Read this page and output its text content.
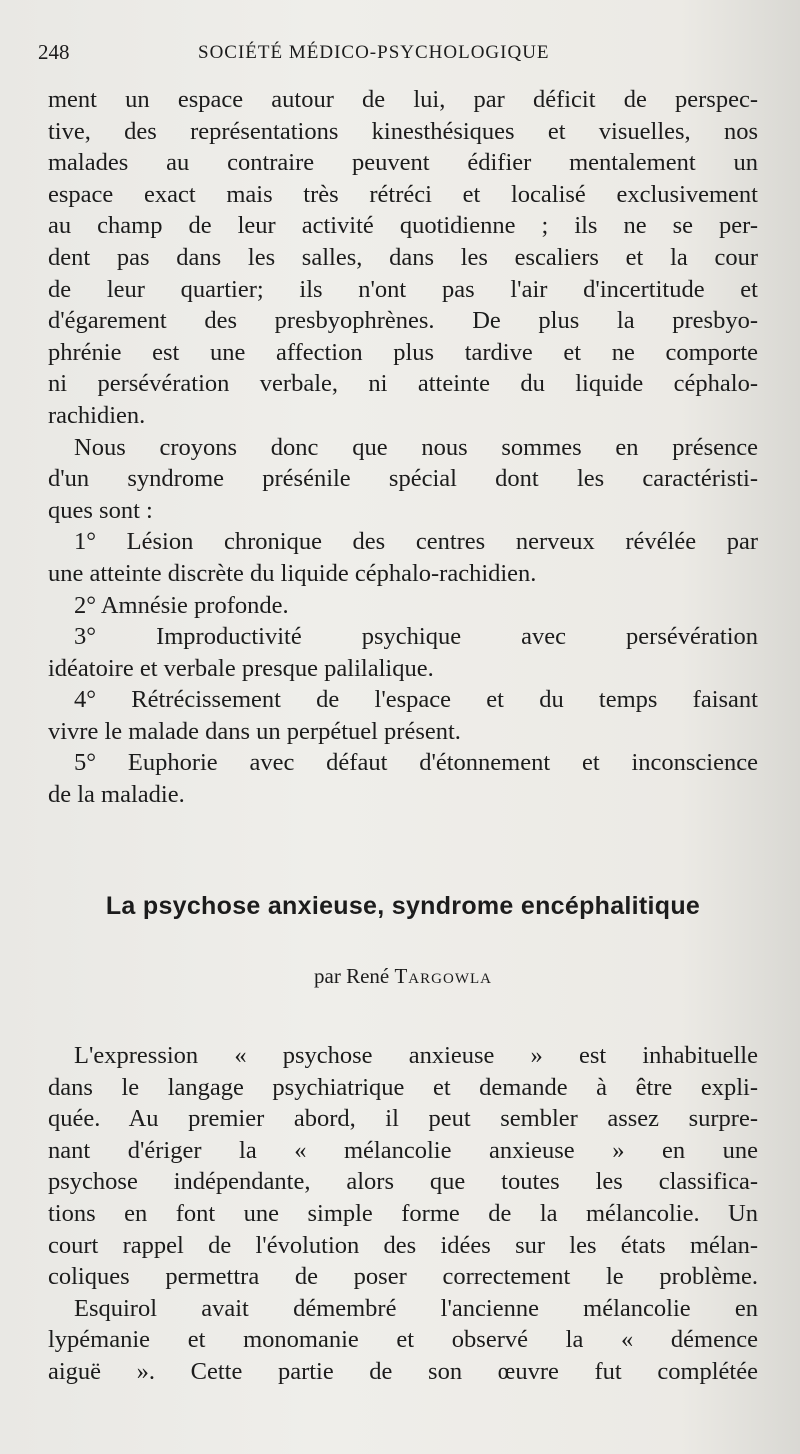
248	SOCIÉTÉ MÉDICO-PSYCHOLOGIQUE
ment un espace autour de lui, par déficit de perspec-
tive, des représentations kinesthésiques et visuelles, nos
malades au contraire peuvent édifier mentalement un
espace exact mais très rétréci et localisé exclusivement
au champ de leur activité quotidienne ; ils ne se per-
dent pas dans les salles, dans les escaliers et la cour
de leur quartier; ils n'ont pas l'air d'incertitude et
d'égarement des presbyophrènes. De plus la presbyo-
phrénie est une affection plus tardive et ne comporte
ni persévération verbale, ni atteinte du liquide céphalo-
rachidien.
Nous croyons donc que nous sommes en présence
d'un syndrome présénile spécial dont les caractéristi-
ques sont :
1° Lésion chronique des centres nerveux révélée par
une atteinte discrète du liquide céphalo-rachidien.
2° Amnésie profonde.
3° Improductivité psychique avec persévération
idéatoire et verbale presque palilalique.
4° Rétrécissement de l'espace et du temps faisant
vivre le malade dans un perpétuel présent.
5° Euphorie avec défaut d'étonnement et inconscience
de la maladie.
La psychose anxieuse, syndrome encéphalitique
par René Targowla
L'expression « psychose anxieuse » est inhabituelle
dans le langage psychiatrique et demande à être expli-
quée. Au premier abord, il peut sembler assez surpre-
nant d'ériger la « mélancolie anxieuse » en une
psychose indépendante, alors que toutes les classifica-
tions en font une simple forme de la mélancolie. Un
court rappel de l'évolution des idées sur les états mélan-
coliques permettra de poser correctement le problème.
Esquirol avait démembré l'ancienne mélancolie en
lypémanie et monomanie et observé la « démence
aiguë ». Cette partie de son œuvre fut complétée
